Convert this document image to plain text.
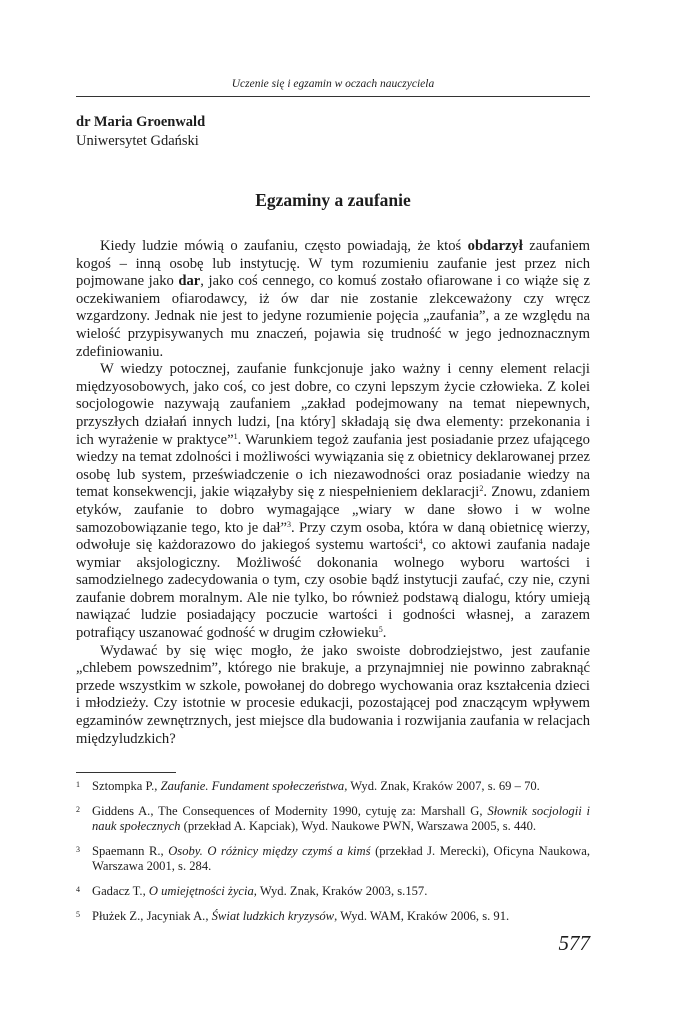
Uczenie się i egzamin w oczach nauczyciela
dr Maria Groenwald
Uniwersytet Gdański
Egzaminy a zaufanie

Kiedy ludzie mówią o zaufaniu, często powiadają, że ktoś obdarzył zaufaniem kogoś – inną osobę lub instytucję. W tym rozumieniu zaufanie jest przez nich pojmowane jako dar, jako coś cennego, co komuś zostało ofiarowane i co wiąże się z oczekiwaniem ofiarodawcy, iż ów dar nie zostanie zlekceważony czy wręcz wzgardzony. Jednak nie jest to jedyne rozumienie pojęcia „zaufania”, a ze względu na wielość przypisywanych mu znaczeń, pojawia się trudność w jego jednoznacznym zdefiniowaniu.

W wiedzy potocznej, zaufanie funkcjonuje jako ważny i cenny element relacji międzyosobowych, jako coś, co jest dobre, co czyni lepszym życie człowieka. Z kolei socjologowie nazywają zaufaniem „zakład podejmowany na temat niepewnych, przyszłych działań innych ludzi, [na który] składają się dwa elementy: przekonania i ich wyrażenie w praktyce”$^1$. Warunkiem tegoż zaufania jest posiadanie przez ufającego wiedzy na temat zdolności i możliwości wywiązania się z obietnicy deklarowanej przez osobę lub system, przeświadczenie o ich niezawodności oraz posiadanie wiedzy na temat konsekwencji, jakie wiązałyby się z niespełnieniem deklaracji$^2$. Znowu, zdaniem etyków, zaufanie to dobro wymagające „wiary w dane słowo i w wolne samozobowiązanie tego, kto je dał”$^3$. Przy czym osoba, która w daną obietnicę wierzy, odwołuje się każdorazowo do jakiegoś systemu wartości$^4$, co aktowi zaufania nadaje wymiar aksjologiczny. Możliwość dokonania wolnego wyboru wartości i samodzielnego zadecydowania o tym, czy osobie bądź instytucji zaufać, czy nie, czyni zaufanie dobrem moralnym. Ale nie tylko, bo również podstawą dialogu, który umieją nawiązać ludzie posiadający poczucie wartości i godności własnej, a zarazem potrafiący uszanować godność w drugim człowieku$^5$.

Wydawać by się więc mogło, że jako swoiste dobrodziejstwo, jest zaufanie „chlebem powszednim”, którego nie brakuje, a przynajmniej nie powinno zabraknąć przede wszystkim w szkole, powołanej do dobrego wychowania oraz kształcenia dzieci i młodzieży. Czy istotnie w procesie edukacji, pozostającej pod znaczącym wpływem egzaminów zewnętrznych, jest miejsce dla budowania i rozwijania zaufania w relacjach międzyludzkich?

1 Sztompka P., Zaufanie. Fundament społeczeństwa, Wyd. Znak, Kraków 2007, s. 69 – 70.
2 Giddens A., The Consequences of Modernity 1990, cytuję za: Marshall G, Słownik socjologii i nauk społecznych (przekład A. Kapciak), Wyd. Naukowe PWN, Warszawa 2005, s. 440.
3 Spaemann R., Osoby. O różnicy między czymś a kimś (przekład J. Merecki), Oficyna Naukowa, Warszawa 2001, s. 284.
4 Gadacz T., O umiejętności życia, Wyd. Znak, Kraków 2003, s.157.
5 Płużek Z., Jacyniak A., Świat ludzkich kryzysów, Wyd. WAM, Kraków 2006, s. 91.
577
